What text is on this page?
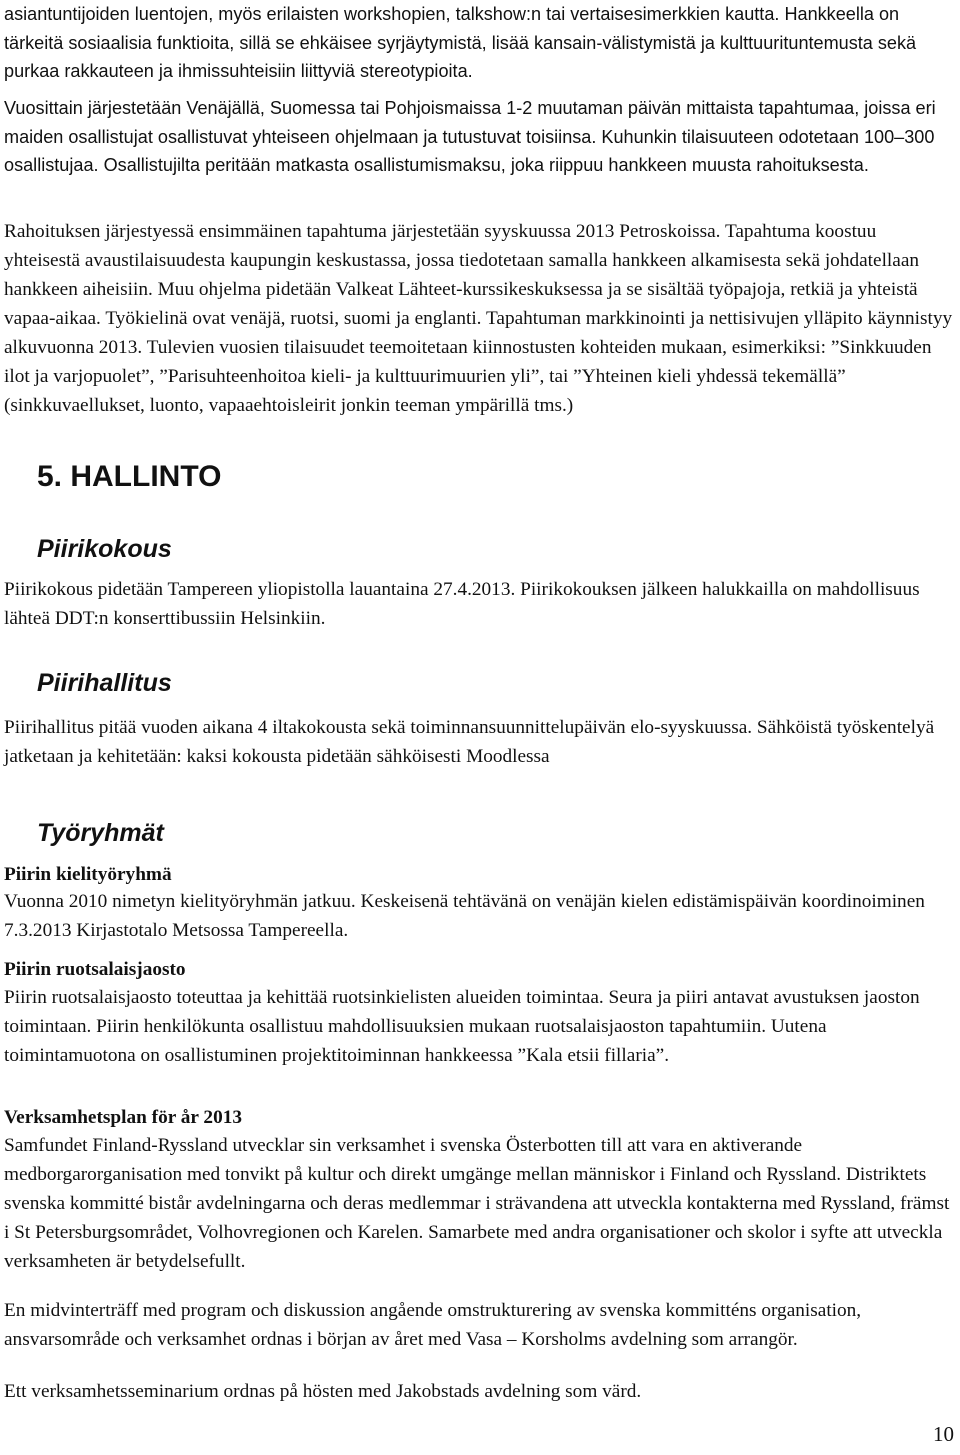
asiantuntijoiden luentojen, myös erilaisten workshopien, talkshow:n tai vertaisesimerkkien kautta. Hankkeella on tärkeitä sosiaalisia funktioita, sillä se ehkäisee syrjäytymistä, lisää kansain-välistymistä ja kulttuurituntemusta sekä purkaa rakkauteen ja ihmissuhteisiin liittyviä stereotypioita.

Vuosittain järjestetään Venäjällä, Suomessa tai Pohjoismaissa 1-2 muutaman päivän mittaista tapahtumaa, joissa eri maiden osallistujat osallistuvat yhteiseen ohjelmaan ja tutustuvat toisiinsa. Kuhunkin tilaisuuteen odotetaan 100–300 osallistujaa. Osallistujilta peritään matkasta osallistumismaksu, joka riippuu hankkeen muusta rahoituksesta.

Rahoituksen järjestyessä ensimmäinen tapahtuma järjestetään syyskuussa 2013 Petroskoissa. Tapahtuma koostuu yhteisestä avaustilaisuudesta kaupungin keskustassa, jossa tiedotetaan samalla hankkeen alkamisesta sekä johdatellaan hankkeen aiheisiin. Muu ohjelma pidetään Valkeat Lähteet-kurssikeskuksessa ja se sisältää työpajoja, retkiä ja yhteistä vapaa-aikaa. Työkielinä ovat venäjä, ruotsi, suomi ja englanti. Tapahtuman markkinointi ja nettisivujen ylläpito käynnistyy alkuvuonna 2013. Tulevien vuosien tilaisuudet teemoitetaan kiinnostusten kohteiden mukaan, esimerkiksi: ”Sinkkuuden ilot ja varjopuolet”, ”Parisuhteenhoitoa kieli- ja kulttuurimuurien yli”, tai ”Yhteinen kieli yhdessä tekemällä” (sinkkuvaellukset, luonto, vapaaehtoisleirit jonkin teeman ympärillä tms.)

5. HALLINTO
Piirikokous

Piirikokous pidetään Tampereen yliopistolla lauantaina 27.4.2013. Piirikokouksen jälkeen halukkailla on mahdollisuus lähteä DDT:n konserttibussiin Helsinkiin.

Piirihallitus

Piirihallitus pitää vuoden aikana 4 iltakokousta sekä toiminnansuunnittelupäivän elo-syyskuussa. Sähköistä työskentelyä jatketaan ja kehitetään: kaksi kokousta pidetään sähköisesti Moodlessa

Työryhmät

Piirin kielityöryhmä

Vuonna 2010 nimetyn kielityöryhmän jatkuu. Keskeisenä tehtävänä on venäjän kielen edistämispäivän koordinoiminen 7.3.2013 Kirjastotalo Metsossa Tampereella.

Piirin ruotsalaisjaosto

Piirin ruotsalaisjaosto toteuttaa ja kehittää ruotsinkielisten alueiden toimintaa. Seura ja piiri antavat avustuksen jaoston toimintaan. Piirin henkilökunta osallistuu mahdollisuuksien mukaan ruotsalaisjaoston tapahtumiin. Uutena toimintamuotona on osallistuminen projektitoiminnan hankkeessa ”Kala etsii fillaria”.

Verksamhetsplan för år 2013

Samfundet Finland-Ryssland utvecklar sin verksamhet i svenska Österbotten till att vara en aktiverande medborgarorganisation med tonvikt på kultur och direkt umgänge mellan människor i Finland och Ryssland. Distriktets svenska kommitté bistår avdelningarna och deras medlemmar i strävandena att utveckla kontakterna med Ryssland, främst i St Petersburgsområdet, Volhovregionen och Karelen. Samarbete med andra organisationer och skolor i syfte att utveckla verksamheten är betydelsefullt.

En midvinterträff med program och diskussion angående omstrukturering av svenska kommitténs organisation, ansvarsområde och verksamhet ordnas i början av året med Vasa – Korsholms avdelning som arrangör.

Ett verksamhetsseminarium ordnas på hösten med Jakobstads avdelning som värd.

10
